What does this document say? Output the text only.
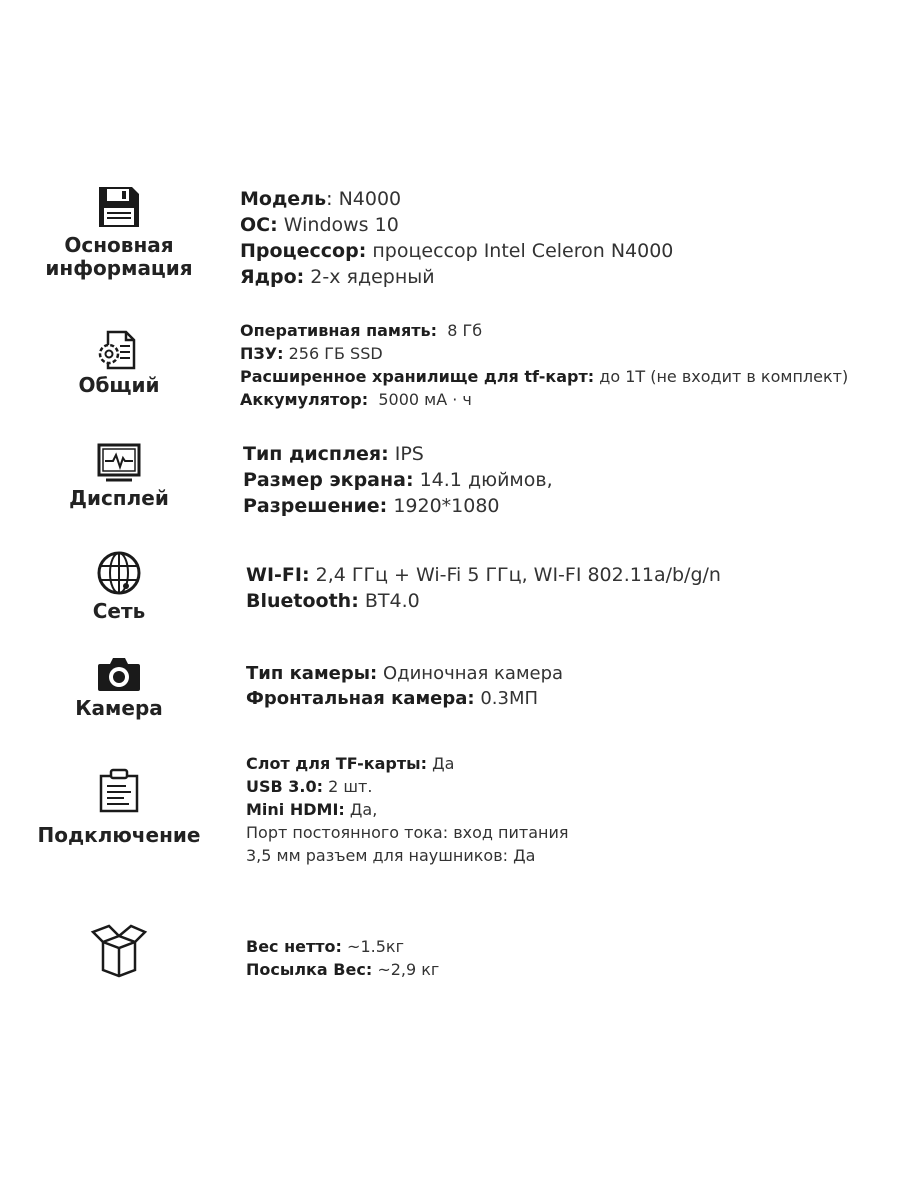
Основная
информация
Модель: N4000
ОС: Windows 10
Процессор: процессор Intel Celeron N4000
Ядро: 2-х ядерный
Общий
Оперативная память: 8 Гб
ПЗУ: 256 ГБ SSD
Расширенное хранилище для tf-карт: до 1T (не входит в комплект)
Аккумулятор: 5000 мА · ч
Дисплей
Тип дисплея: IPS
Размер экрана: 14.1 дюймов,
Разрешение: 1920*1080
Сеть
WI-FI: 2,4 ГГц + Wi-Fi 5 ГГц, WI-FI 802.11a/b/g/n
Bluetooth: BT4.0
Камера
Тип камеры: Одиночная камера
Фронтальная камера: 0.3МП
Подключение
Слот для TF-карты: Да
USB 3.0: 2 шт.
Mini HDMI: Да,
Порт постоянного тока: вход питания
3,5 мм разъем для наушников: Да
Вес нетто: ~1.5кг
Посылка Вес: ~2,9 кг
